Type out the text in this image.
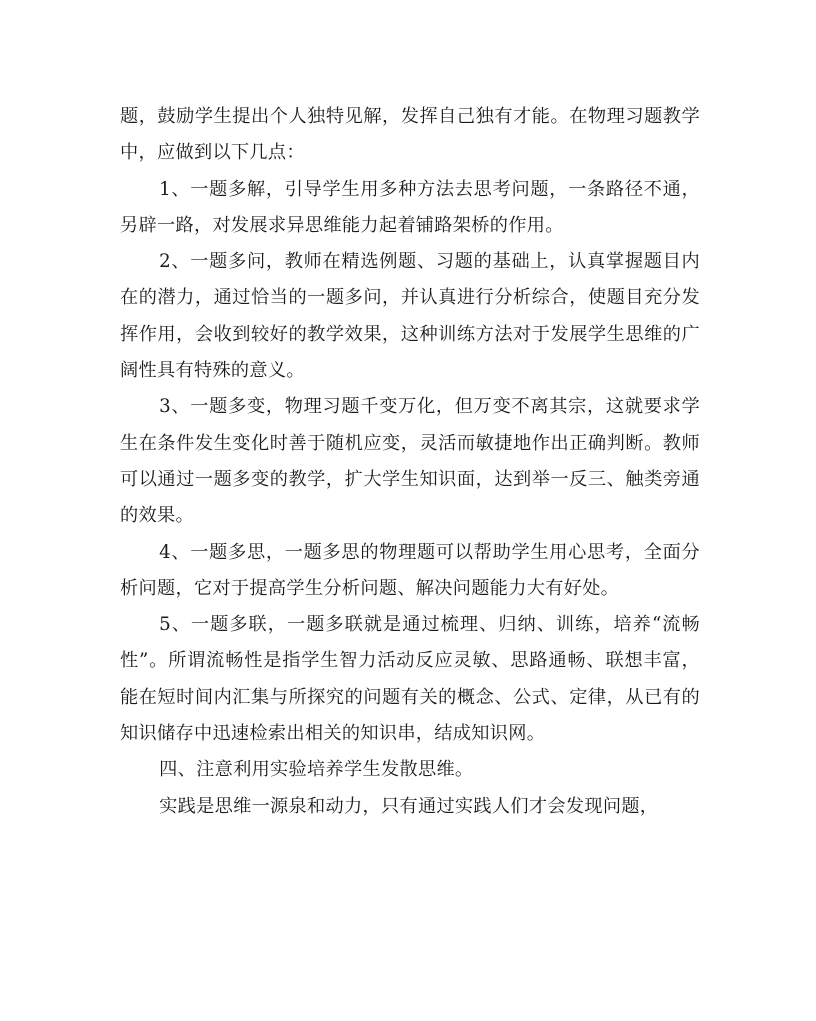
题，鼓励学生提出个人独特见解，发挥自己独有才能。在物理习题教学中，应做到以下几点：

1、一题多解，引导学生用多种方法去思考问题，一条路径不通，另辟一路，对发展求异思维能力起着铺路架桥的作用。

2、一题多问，教师在精选例题、习题的基础上，认真掌握题目内在的潜力，通过恰当的一题多问，并认真进行分析综合，使题目充分发挥作用，会收到较好的教学效果，这种训练方法对于发展学生思维的广阔性具有特殊的意义。

3、一题多变，物理习题千变万化，但万变不离其宗，这就要求学生在条件发生变化时善于随机应变，灵活而敏捷地作出正确判断。教师可以通过一题多变的教学，扩大学生知识面，达到举一反三、触类旁通的效果。

4、一题多思，一题多思的物理题可以帮助学生用心思考，全面分析问题，它对于提高学生分析问题、解决问题能力大有好处。

5、一题多联，一题多联就是通过梳理、归纳、训练，培养“流畅性”。所谓流畅性是指学生智力活动反应灵敏、思路通畅、联想丰富，能在短时间内汇集与所探究的问题有关的概念、公式、定律，从已有的知识储存中迅速检索出相关的知识串，结成知识网。

四、注意利用实验培养学生发散思维。

实践是思维一源泉和动力，只有通过实践人们才会发现问题，
